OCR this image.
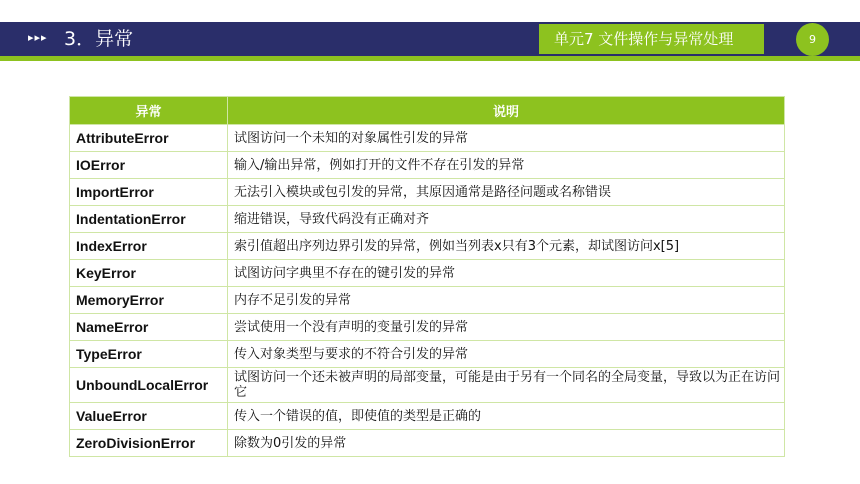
▸▸▸ 3．异常	单元7 文件操作与异常处理	9
异常	说明
AttributeError	试图访问一个未知的对象属性引发的异常
IOError	输入/输出异常，例如打开的文件不存在引发的异常
ImportError	无法引入模块或包引发的异常，其原因通常是路径问题或名称错误
IndentationError	缩进错误，导致代码没有正确对齐
IndexError	索引值超出序列边界引发的异常，例如当列表x只有3个元素，却试图访问x[5]
KeyError	试图访问字典里不存在的键引发的异常
MemoryError	内存不足引发的异常
NameError	尝试使用一个没有声明的变量引发的异常
TypeError	传入对象类型与要求的不符合引发的异常
UnboundLocalError	试图访问一个还未被声明的局部变量，可能是由于另有一个同名的全局变量，导致以为正在访问它
ValueError	传入一个错误的值，即使值的类型是正确的
ZeroDivisionError	除数为0引发的异常
